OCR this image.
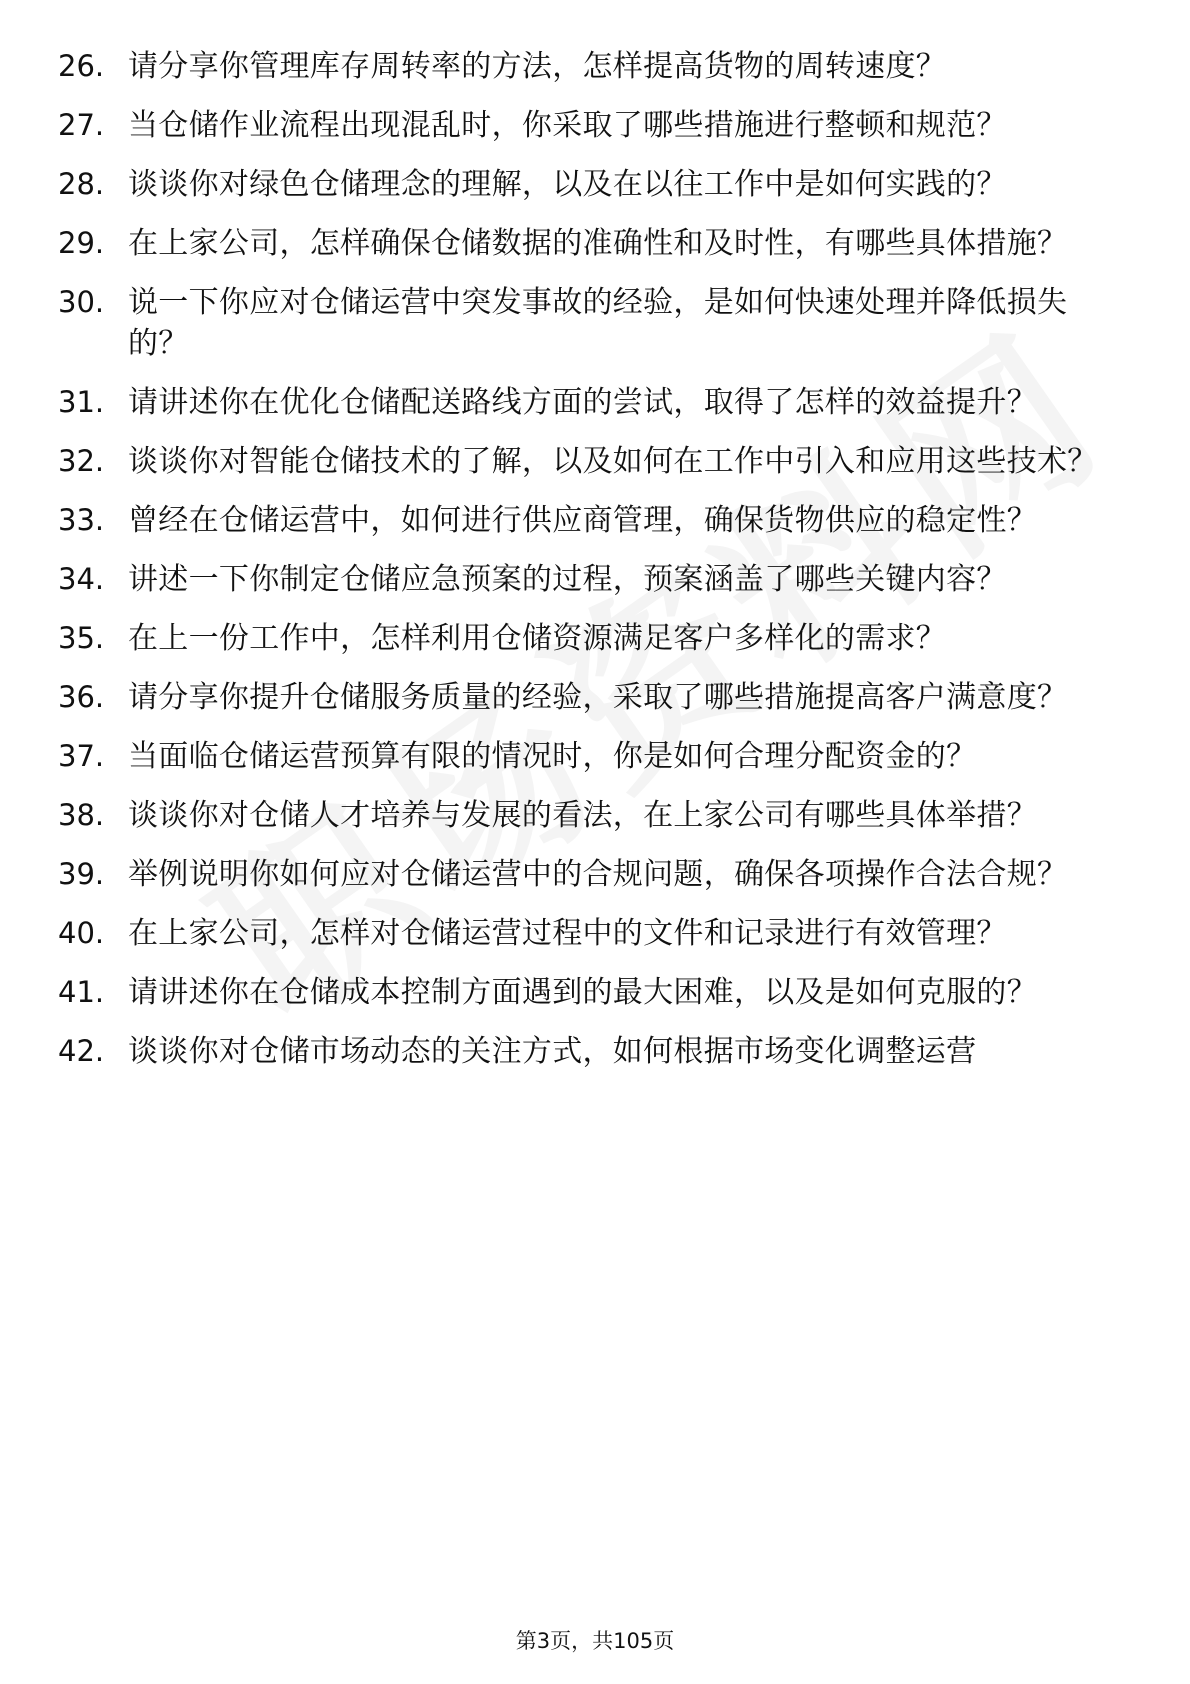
26. 请分享你管理库存周转率的方法，怎样提高货物的周转速度？
27. 当仓储作业流程出现混乱时，你采取了哪些措施进行整顿和规范？
28. 谈谈你对绿色仓储理念的理解，以及在以往工作中是如何实践的？
29. 在上家公司，怎样确保仓储数据的准确性和及时性，有哪些具体措施？
30. 说一下你应对仓储运营中突发事故的经验，是如何快速处理并降低损失的？
31. 请讲述你在优化仓储配送路线方面的尝试，取得了怎样的效益提升？
32. 谈谈你对智能仓储技术的了解，以及如何在工作中引入和应用这些技术？
33. 曾经在仓储运营中，如何进行供应商管理，确保货物供应的稳定性？
34. 讲述一下你制定仓储应急预案的过程，预案涵盖了哪些关键内容？
35. 在上一份工作中，怎样利用仓储资源满足客户多样化的需求？
36. 请分享你提升仓储服务质量的经验，采取了哪些措施提高客户满意度？
37. 当面临仓储运营预算有限的情况时，你是如何合理分配资金的？
38. 谈谈你对仓储人才培养与发展的看法，在上家公司有哪些具体举措？
39. 举例说明你如何应对仓储运营中的合规问题，确保各项操作合法合规？
40. 在上家公司，怎样对仓储运营过程中的文件和记录进行有效管理？
41. 请讲述你在仓储成本控制方面遇到的最大困难，以及是如何克服的？
42. 谈谈你对仓储市场动态的关注方式，如何根据市场变化调整运营
第3页，共105页
